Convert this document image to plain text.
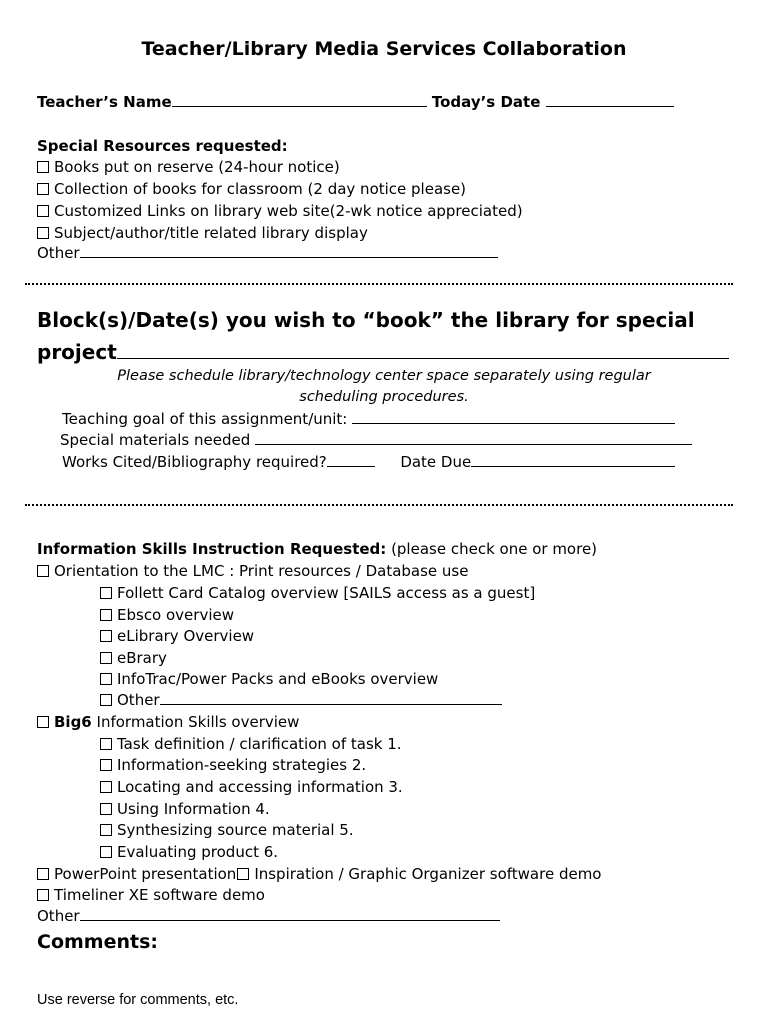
Teacher/Library Media Services Collaboration
Teacher’s Name	Today’s Date
Special Resources requested:
Books put on reserve (24-hour notice)
Collection of books for classroom (2 day notice please)
Customized Links on library web site(2-wk notice appreciated)
Subject/author/title related library display
Other
Block(s)/Date(s) you wish to “book” the library for special
project
Please schedule library/technology center space separately using regular
scheduling procedures.
Teaching goal of this assignment/unit:
Special materials needed
Works Cited/Bibliography required?	Date Due
Information Skills Instruction Requested: (please check one or more)
Orientation to the LMC : Print resources / Database use
Follett Card Catalog overview [SAILS access as a guest]
Ebsco overview
eLibrary Overview
eBrary
InfoTrac/Power Packs and eBooks overview
Other
Big6 Information Skills overview
Task definition / clarification of task 1.
Information-seeking strategies 2.
Locating and accessing information 3.
Using Information 4.
Synthesizing source material 5.
Evaluating product 6.
PowerPoint presentation Inspiration / Graphic Organizer software demo
Timeliner XE software demo
Other
Comments:
Use reverse for comments, etc.
